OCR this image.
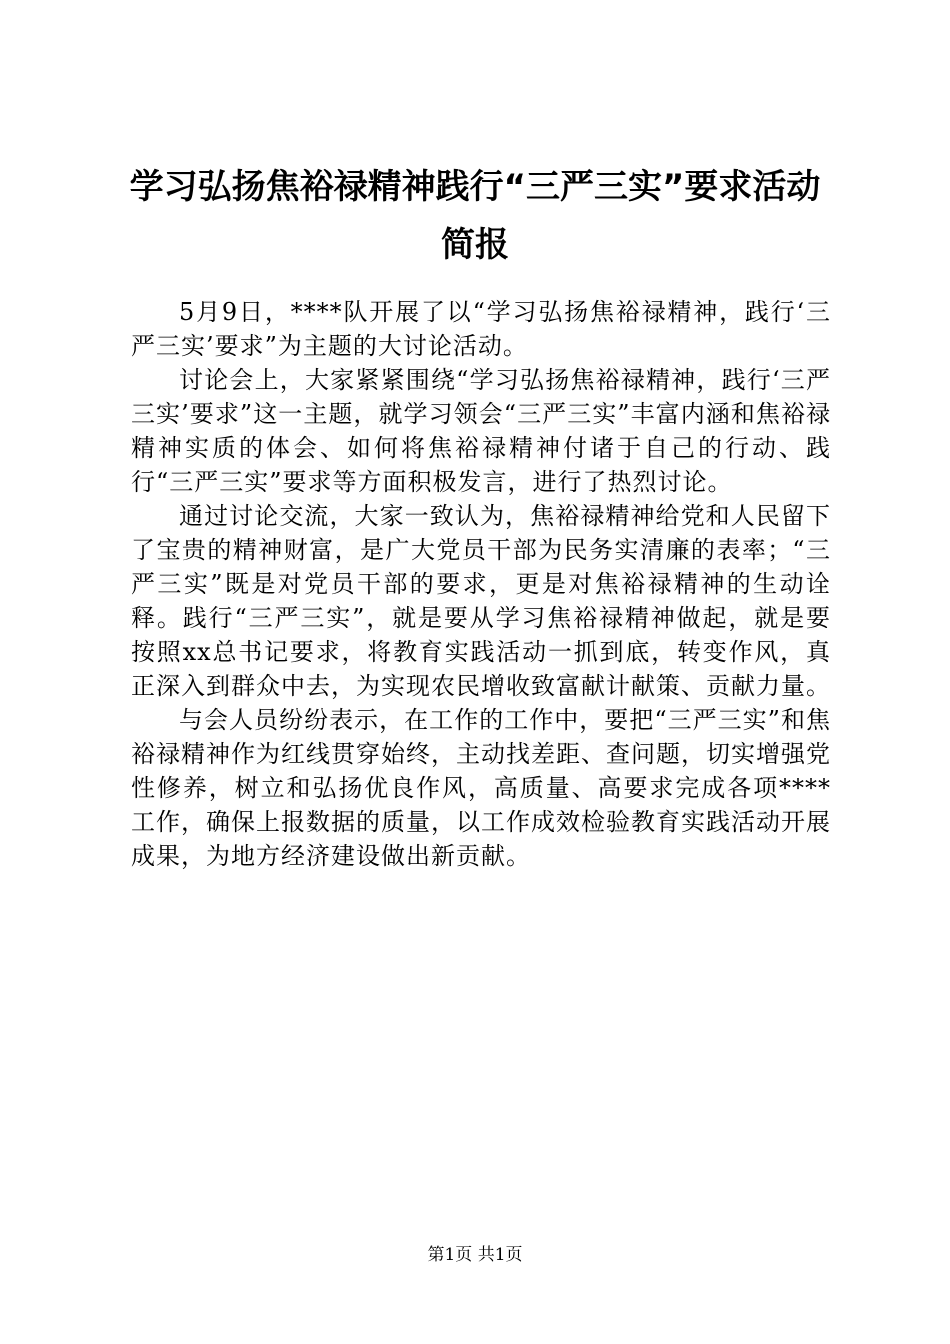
学习弘扬焦裕禄精神践行“三严三实”要求活动简报

5月9日，****队开展了以“学习弘扬焦裕禄精神，践行‘三严三实’要求”为主题的大讨论活动。

讨论会上，大家紧紧围绕“学习弘扬焦裕禄精神，践行‘三严三实’要求”这一主题，就学习领会“三严三实”丰富内涵和焦裕禄精神实质的体会、如何将焦裕禄精神付诸于自己的行动、践行“三严三实”要求等方面积极发言，进行了热烈讨论。

通过讨论交流，大家一致认为，焦裕禄精神给党和人民留下了宝贵的精神财富，是广大党员干部为民务实清廉的表率；“三严三实”既是对党员干部的要求，更是对焦裕禄精神的生动诠释。践行“三严三实”，就是要从学习焦裕禄精神做起，就是要按照xx总书记要求，将教育实践活动一抓到底，转变作风，真正深入到群众中去，为实现农民增收致富献计献策、贡献力量。

与会人员纷纷表示，在工作的工作中，要把“三严三实”和焦裕禄精神作为红线贯穿始终，主动找差距、查问题，切实增强党性修养，树立和弘扬优良作风，高质量、高要求完成各项****工作，确保上报数据的质量，以工作成效检验教育实践活动开展成果，为地方经济建设做出新贡献。

第1页 共1页
